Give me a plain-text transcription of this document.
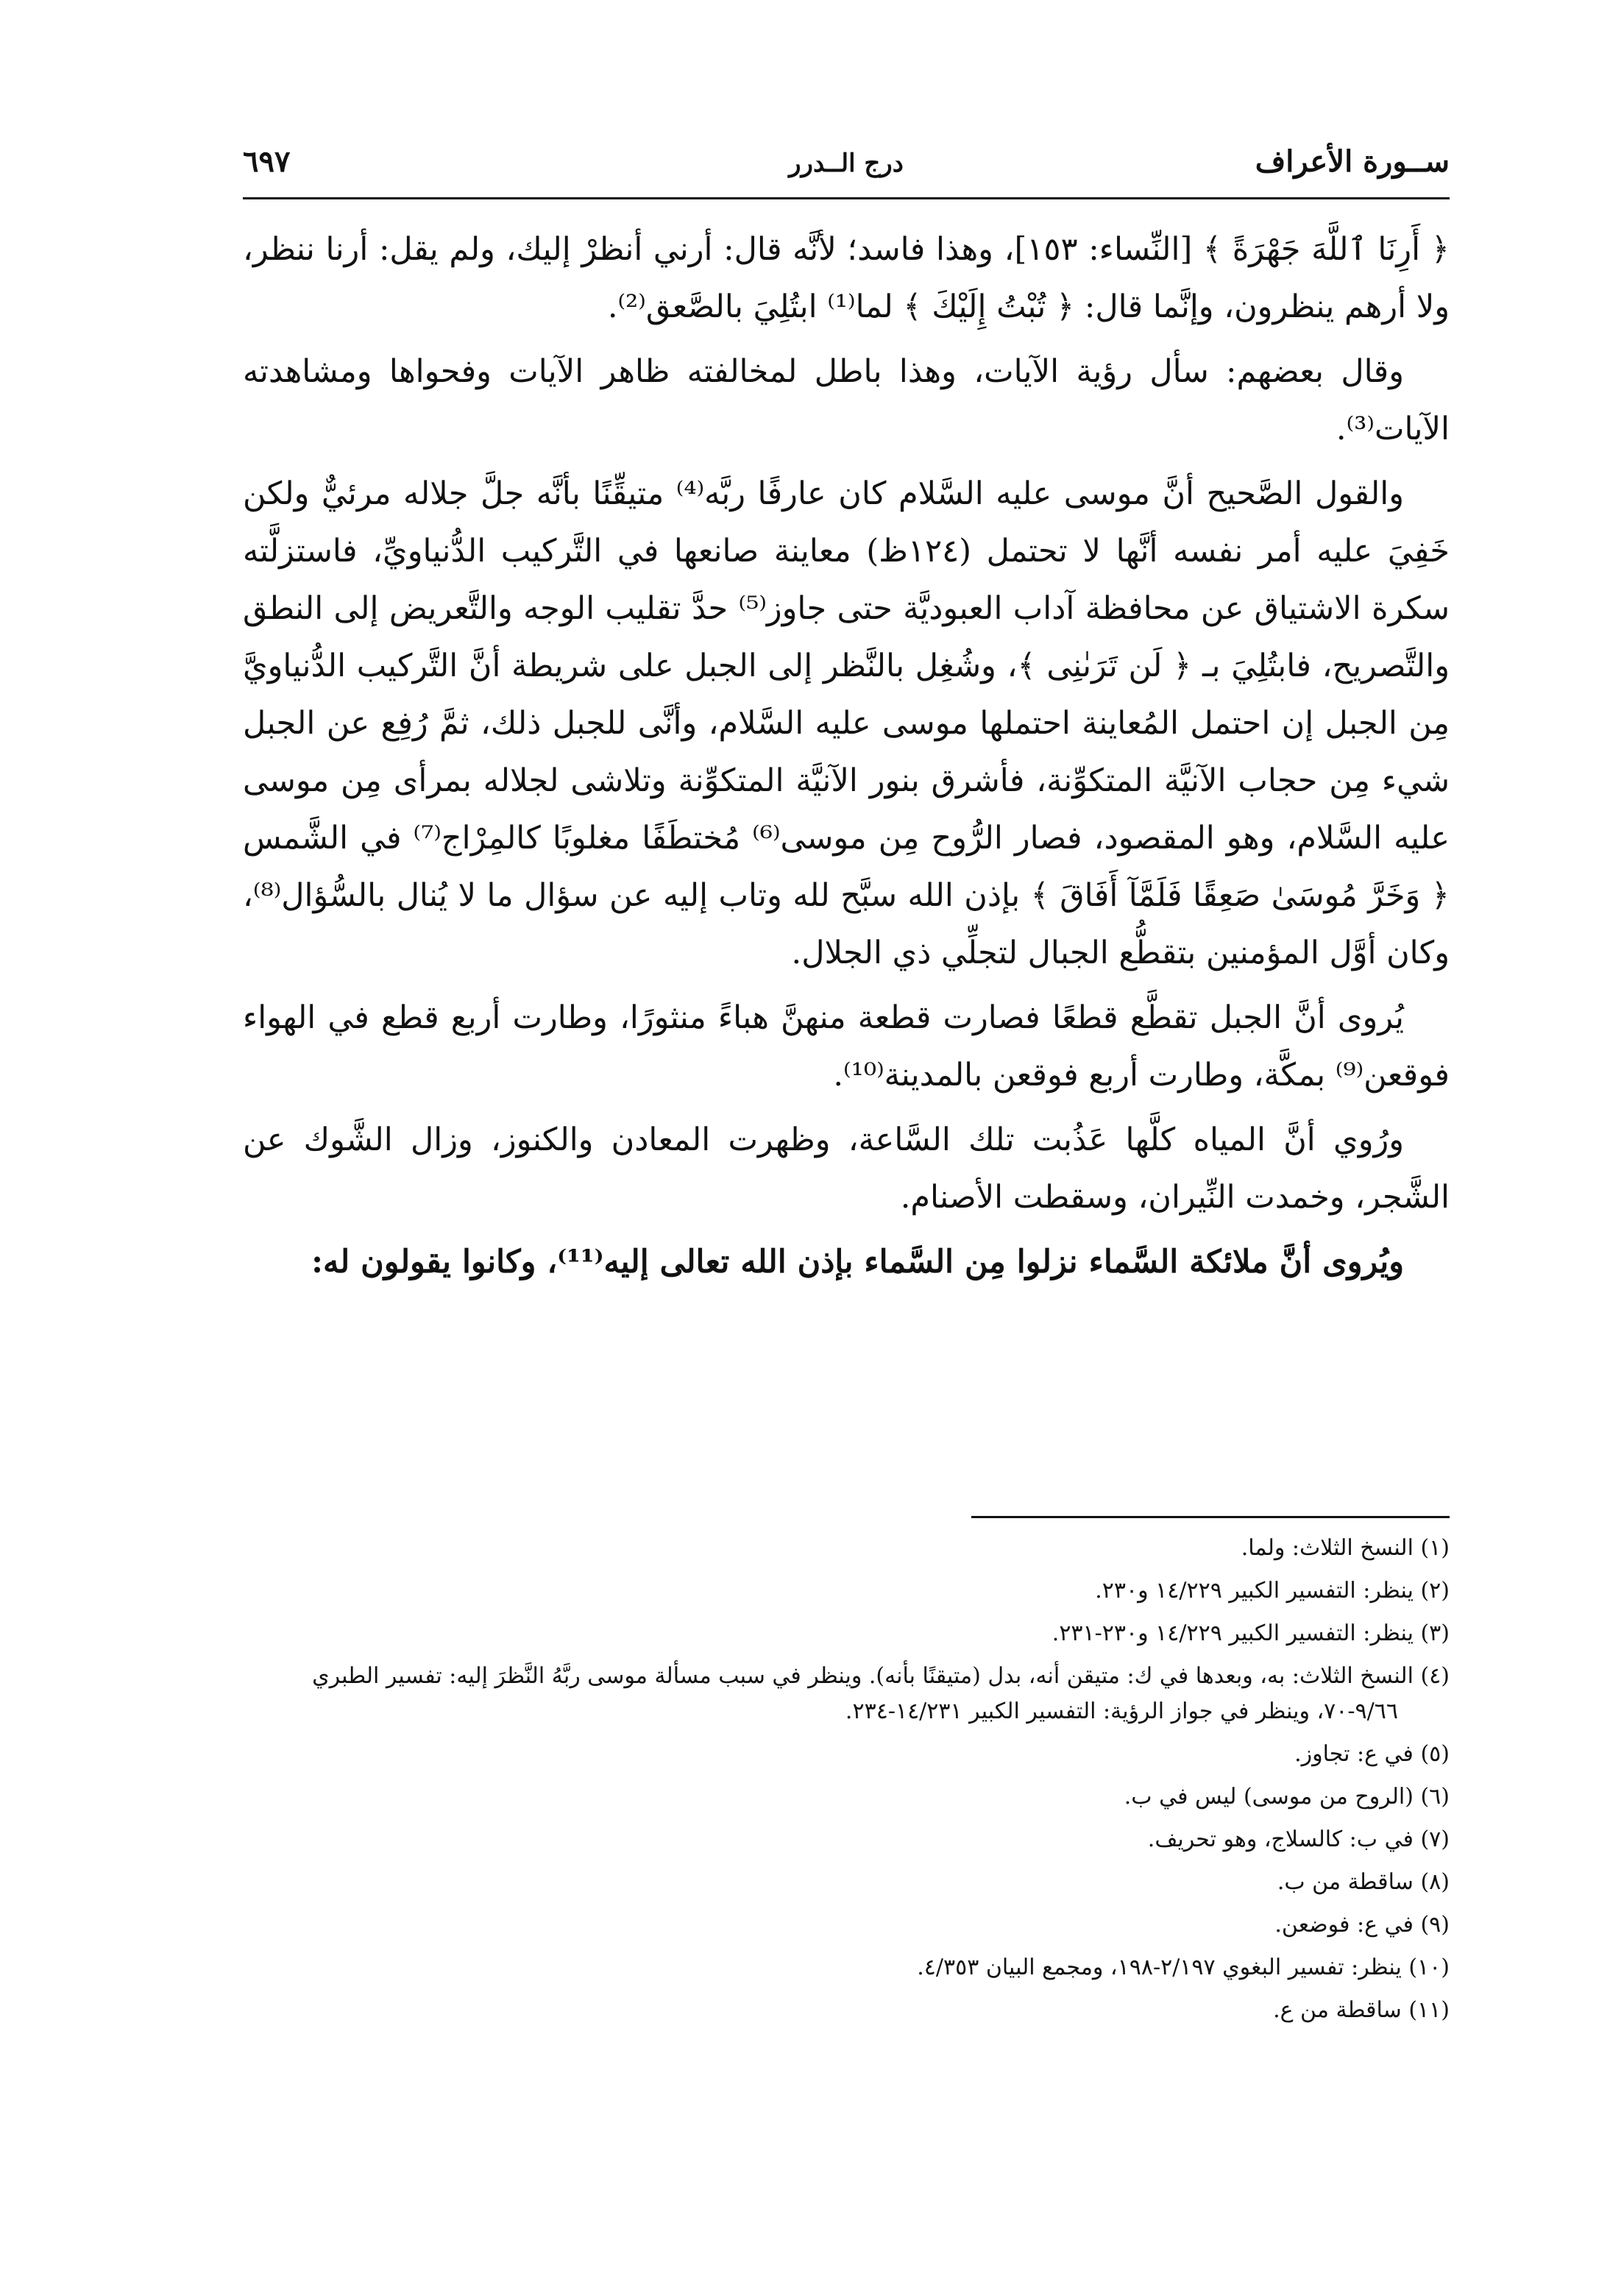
ســورة الأعراف
درج الــدرر
٦٩٧

﴿ أَرِنَا ٱللَّهَ جَهْرَةً ﴾ [النِّساء: ١٥٣]، وهذا فاسد؛ لأنَّه قال: أرني أنظرْ إليك، ولم يقل: أرنا ننظر، ولا أرهم ينظرون، وإنَّما قال: ﴿ تُبْتُ إِلَيْكَ ﴾ لما⁽¹⁾ ابتُلِيَ بالصَّعق⁽²⁾.

وقال بعضهم: سأل رؤية الآيات، وهذا باطل لمخالفته ظاهر الآيات وفحواها ومشاهدته الآيات⁽³⁾.

والقول الصَّحيح أنَّ موسى عليه السَّلام كان عارفًا ربَّه⁽⁴⁾ متيقِّنًا بأنَّه جلَّ جلاله مرئيٌّ ولكن خَفِيَ عليه أمر نفسه أنَّها لا تحتمل (١٢٤ظ) معاينة صانعها في التَّركيب الدُّنياويِّ، فاستزلَّته سكرة الاشتياق عن محافظة آداب العبوديَّة حتى جاوز⁽⁵⁾ حدَّ تقليب الوجه والتَّعريض إلى النطق والتَّصريح، فابتُلِيَ بـ ﴿ لَن تَرَىٰنِى ﴾، وشُغِل بالنَّظر إلى الجبل على شريطة أنَّ التَّركيب الدُّنياويَّ مِن الجبل إن احتمل المُعاينة احتملها موسى عليه السَّلام، وأنَّى للجبل ذلك، ثمَّ رُفِع عن الجبل شيء مِن حجاب الآنيَّة المتكوِّنة، فأشرق بنور الآنيَّة المتكوِّنة وتلاشى لجلاله بمرأى مِن موسى عليه السَّلام، وهو المقصود، فصار الرُّوح مِن موسى⁽⁶⁾ مُختطَفًا مغلوبًا كالمِرْاج⁽⁷⁾ في الشَّمس ﴿ وَخَرَّ مُوسَىٰ صَعِقًا فَلَمَّآ أَفَاقَ ﴾ بإذن الله سبَّح لله وتاب إليه عن سؤال ما لا يُنال بالسُّؤال⁽⁸⁾، وكان أوَّل المؤمنين بتقطُّع الجبال لتجلِّي ذي الجلال.

يُروى أنَّ الجبل تقطَّع قطعًا فصارت قطعة منهنَّ هباءً منثورًا، وطارت أربع قطع في الهواء فوقعن⁽⁹⁾ بمكَّة، وطارت أربع فوقعن بالمدينة⁽¹⁰⁾.

ورُوي أنَّ المياه كلَّها عَذُبت تلك السَّاعة، وظهرت المعادن والكنوز، وزال الشَّوك عن الشَّجر، وخمدت النِّيران، وسقطت الأصنام.

ويُروى أنَّ ملائكة السَّماء نزلوا مِن السَّماء بإذن الله تعالى إليه⁽¹¹⁾، وكانوا يقولون له:

(١) النسخ الثلاث: ولما.
(٢) ينظر: التفسير الكبير ١٤/٢٢٩ و٢٣٠.
(٣) ينظر: التفسير الكبير ١٤/٢٢٩ و٢٣٠-٢٣١.
(٤) النسخ الثلاث: به، وبعدها في ك: متيقن أنه، بدل (متيقنًا بأنه). وينظر في سبب مسألة موسى ربَّهُ النَّظرَ إليه: تفسير الطبري ٩/٦٦-٧٠، وينظر في جواز الرؤية: التفسير الكبير ١٤/٢٣١-٢٣٤.
(٥) في ع: تجاوز.
(٦) (الروح من موسى) ليس في ب.
(٧) في ب: كالسلاج، وهو تحريف.
(٨) ساقطة من ب.
(٩) في ع: فوضعن.
(١٠) ينظر: تفسير البغوي ٢/١٩٧-١٩٨، ومجمع البيان ٤/٣٥٣.
(١١) ساقطة من ع.
